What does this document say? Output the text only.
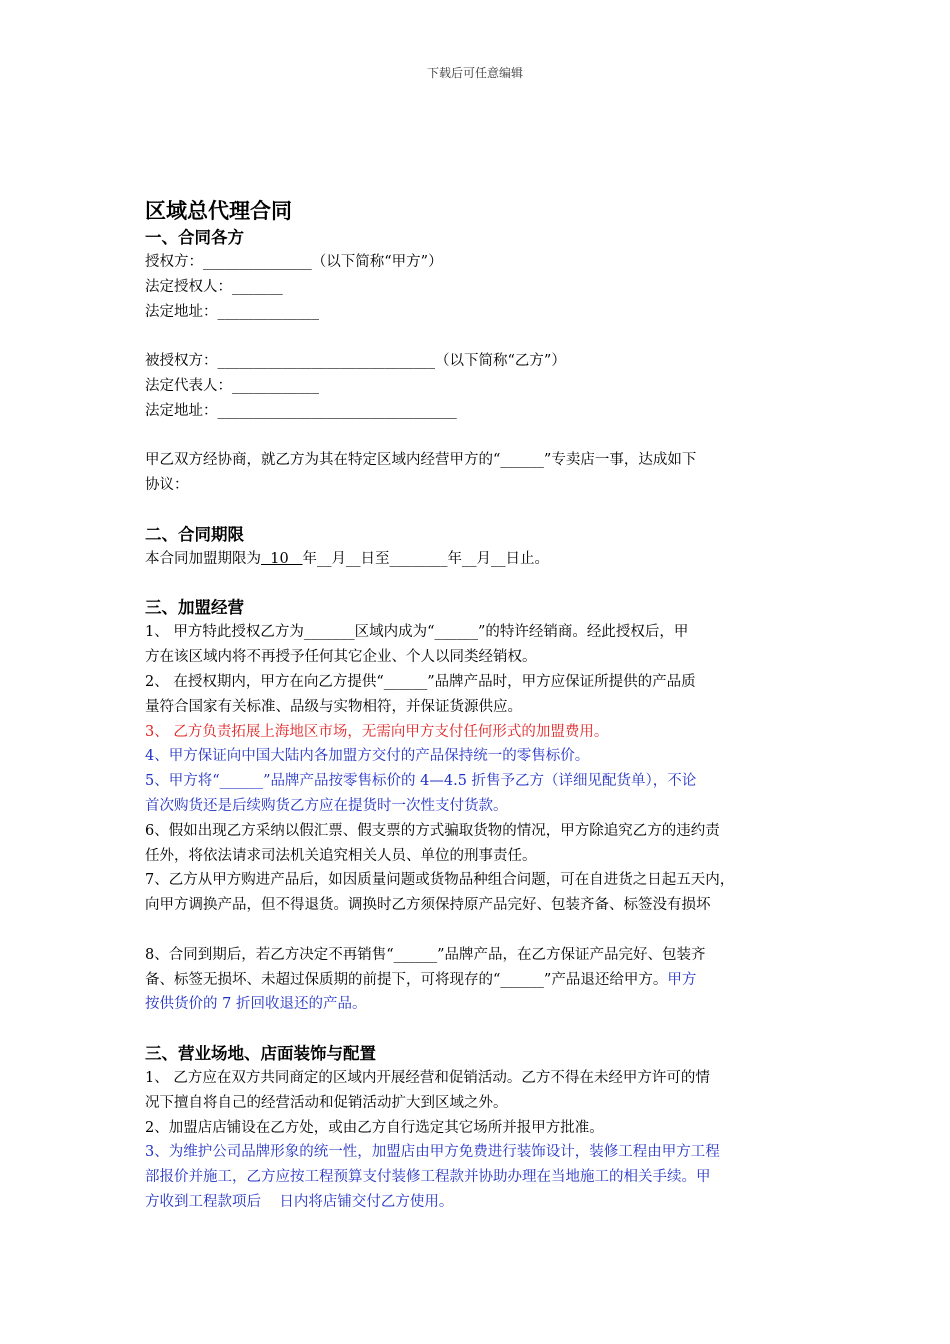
下载后可任意编辑
区域总代理合同
一、合同各方
授权方：_______________（以下简称“甲方”）
法定授权人：_______
法定地址：______________
被授权方：______________________________（以下简称“乙方”）
法定代表人：____________
法定地址：_________________________________
甲乙双方经协商，就乙方为其在特定区域内经营甲方的“______”专卖店一事，达成如下
协议：
二、合同期限
本合同加盟期限为  10   年__月__日至________年__月__日止。
三、加盟经营
1、 甲方特此授权乙方为_______区域内成为“______”的特许经销商。经此授权后，甲
方在该区域内将不再授予任何其它企业、个人以同类经销权。
2、 在授权期内，甲方在向乙方提供“______”品牌产品时，甲方应保证所提供的产品质
量符合国家有关标准、品级与实物相符，并保证货源供应。
3、 乙方负责拓展上海地区市场，无需向甲方支付任何形式的加盟费用。
4、甲方保证向中国大陆内各加盟方交付的产品保持统一的零售标价。
5、甲方将“______”品牌产品按零售标价的 4—4.5 折售予乙方（详细见配货单），不论
首次购货还是后续购货乙方应在提货时一次性支付货款。
6、假如出现乙方采纳以假汇票、假支票的方式骗取货物的情况，甲方除追究乙方的违约责
任外，将依法请求司法机关追究相关人员、单位的刑事责任。
7、乙方从甲方购进产品后，如因质量问题或货物品种组合问题，可在自进货之日起五天内，
向甲方调换产品，但不得退货。调换时乙方须保持原产品完好、包装齐备、标签没有损坏
8、合同到期后，若乙方决定不再销售“______”品牌产品，在乙方保证产品完好、包装齐
备、标签无损坏、未超过保质期的前提下，可将现存的“______”产品退还给甲方。甲方
按供货价的 7 折回收退还的产品。
三、营业场地、店面装饰与配置
1、 乙方应在双方共同商定的区域内开展经营和促销活动。乙方不得在未经甲方许可的情
况下擅自将自己的经营活动和促销活动扩大到区域之外。
2、加盟店店铺设在乙方处，或由乙方自行选定其它场所并报甲方批准。
3、为维护公司品牌形象的统一性，加盟店由甲方免费进行装饰设计，装修工程由甲方工程
部报价并施工，乙方应按工程预算支付装修工程款并协助办理在当地施工的相关手续。甲
方收到工程款项后    日内将店铺交付乙方使用。
